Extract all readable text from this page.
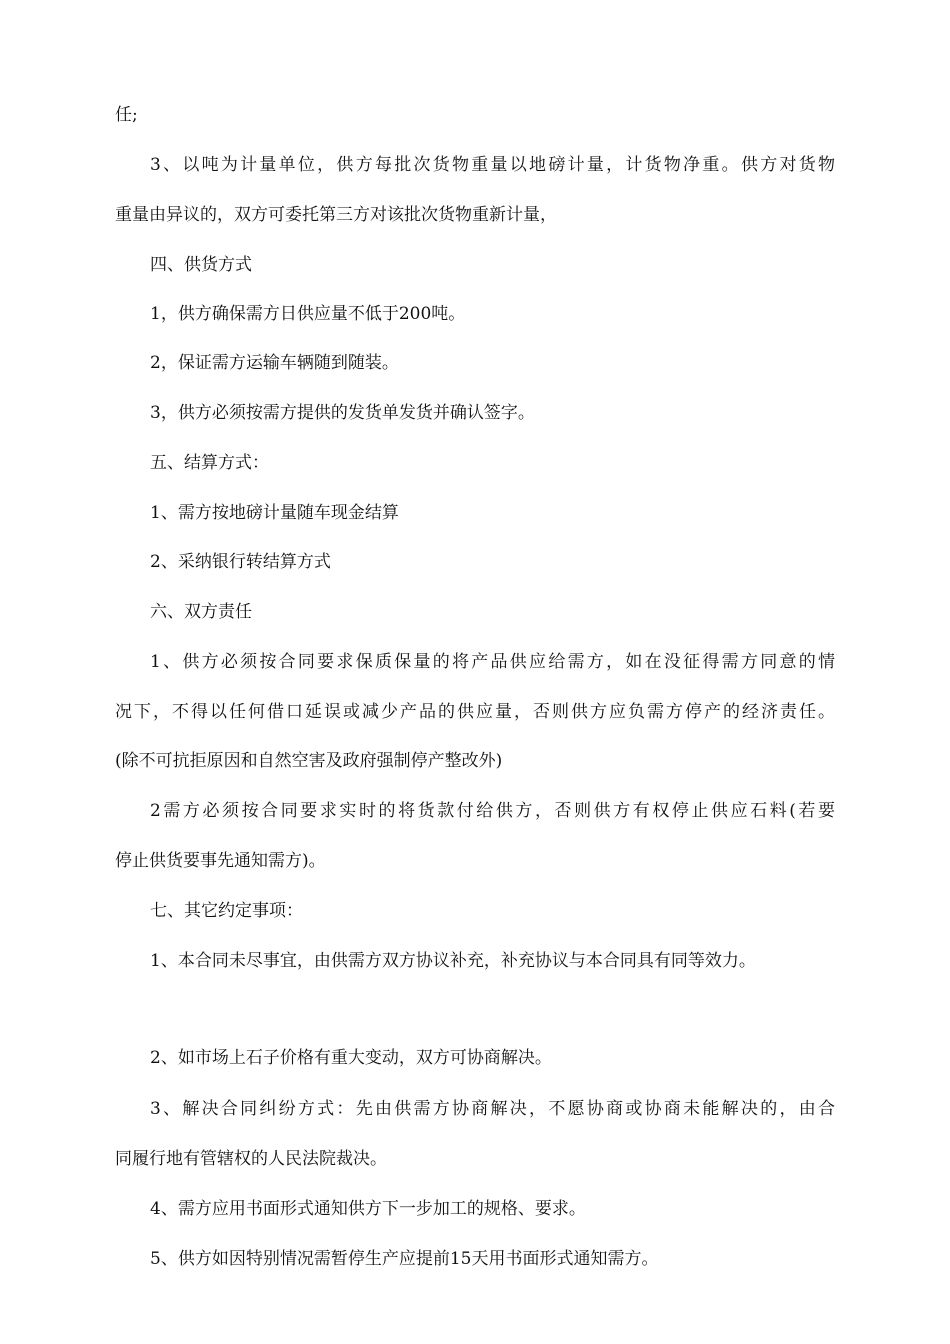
任;
3、以吨为计量单位，供方每批次货物重量以地磅计量，计货物净重。供方对货物
重量由异议的，双方可委托第三方对该批次货物重新计量，
四、供货方式
1，供方确保需方日供应量不低于200吨。
2，保证需方运输车辆随到随装。
3，供方必须按需方提供的发货单发货并确认签字。
五、结算方式：
1、需方按地磅计量随车现金结算
2、采纳银行转结算方式
六、双方责任
1、供方必须按合同要求保质保量的将产品供应给需方，如在没征得需方同意的情
况下，不得以任何借口延误或减少产品的供应量，否则供方应负需方停产的经济责任。
(除不可抗拒原因和自然空害及政府强制停产整改外)
2需方必须按合同要求实时的将货款付给供方，否则供方有权停止供应石料(若要
停止供货要事先通知需方)。
七、其它约定事项：
1、本合同未尽事宜，由供需方双方协议补充，补充协议与本合同具有同等效力。
2、如市场上石子价格有重大变动，双方可协商解决。
3、解决合同纠纷方式：先由供需方协商解决，不愿协商或协商未能解决的，由合
同履行地有管辖权的人民法院裁决。
4、需方应用书面形式通知供方下一步加工的规格、要求。
5、供方如因特别情况需暂停生产应提前15天用书面形式通知需方。
